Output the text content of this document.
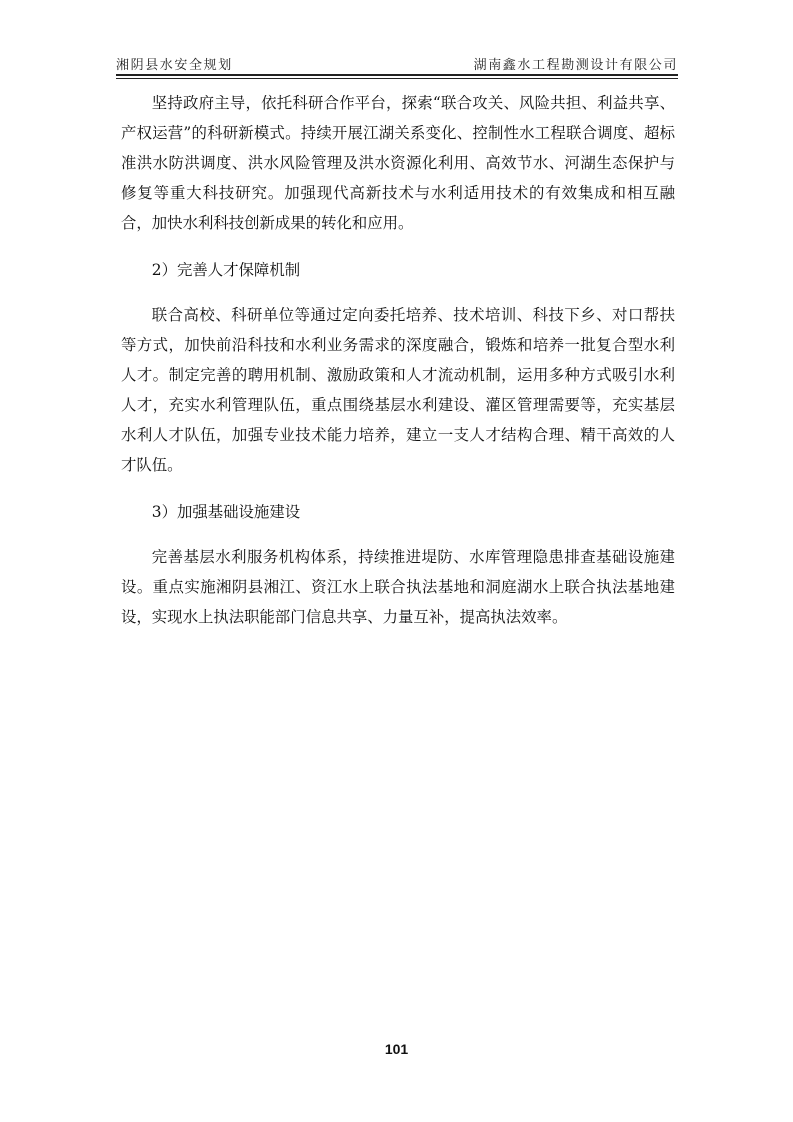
湘阴县水安全规划	湖南鑫水工程勘测设计有限公司

坚持政府主导，依托科研合作平台，探索“联合攻关、风险共担、利益共享、产权运营”的科研新模式。持续开展江湖关系变化、控制性水工程联合调度、超标准洪水防洪调度、洪水风险管理及洪水资源化利用、高效节水、河湖生态保护与修复等重大科技研究。加强现代高新技术与水利适用技术的有效集成和相互融合，加快水利科技创新成果的转化和应用。

2）完善人才保障机制

联合高校、科研单位等通过定向委托培养、技术培训、科技下乡、对口帮扶等方式，加快前沿科技和水利业务需求的深度融合，锻炼和培养一批复合型水利人才。制定完善的聘用机制、激励政策和人才流动机制，运用多种方式吸引水利人才，充实水利管理队伍，重点围绕基层水利建设、灌区管理需要等，充实基层水利人才队伍，加强专业技术能力培养，建立一支人才结构合理、精干高效的人才队伍。

3）加强基础设施建设

完善基层水利服务机构体系，持续推进堤防、水库管理隐患排查基础设施建设。重点实施湘阴县湘江、资江水上联合执法基地和洞庭湖水上联合执法基地建设，实现水上执法职能部门信息共享、力量互补，提高执法效率。

101
